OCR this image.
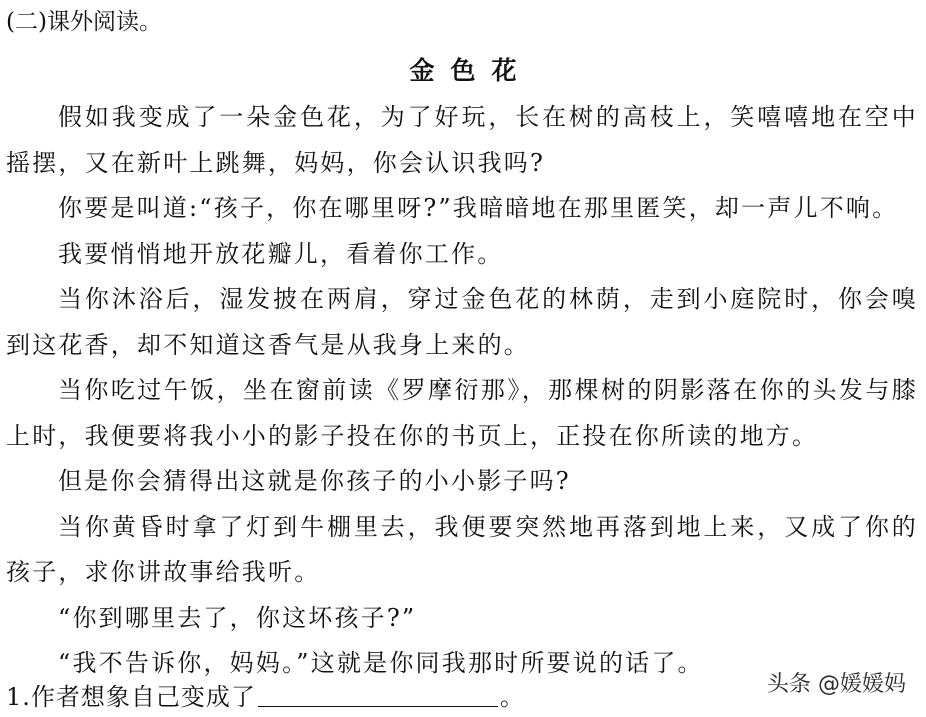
(二)课外阅读。
金色花

假如我变成了一朵金色花，为了好玩，长在树的高枝上，笑嘻嘻地在空中摇摆，又在新叶上跳舞，妈妈，你会认识我吗?

你要是叫道:“孩子，你在哪里呀?”我暗暗地在那里匿笑，却一声儿不响。

我要悄悄地开放花瓣儿，看着你工作。

当你沐浴后，湿发披在两肩，穿过金色花的林荫，走到小庭院时，你会嗅到这花香，却不知道这香气是从我身上来的。

当你吃过午饭，坐在窗前读《罗摩衍那》，那棵树的阴影落在你的头发与膝上时，我便要将我小小的影子投在你的书页上，正投在你所读的地方。

但是你会猜得出这就是你孩子的小小影子吗?

当你黄昏时拿了灯到牛棚里去，我便要突然地再落到地上来，又成了你的孩子，求你讲故事给我听。

“你到哪里去了，你这坏孩子?”

“我不告诉你，妈妈。”这就是你同我那时所要说的话了。

1.作者想象自己变成了	。	头条 @媛媛妈
